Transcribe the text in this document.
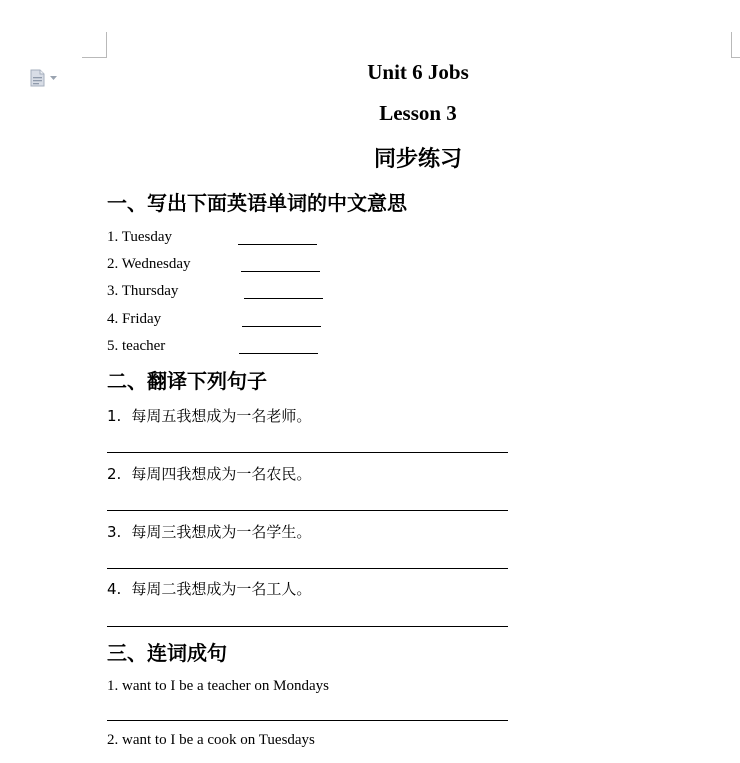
Unit 6 Jobs
Lesson 3
同步练习
一、写出下面英语单词的中文意思
1. Tuesday
2. Wednesday
3. Thursday
4. Friday
5. teacher
二、翻译下列句子
1. 每周五我想成为一名老师。
2. 每周四我想成为一名农民。
3. 每周三我想成为一名学生。
4. 每周二我想成为一名工人。
三、连词成句
1. want to I be a teacher on Mondays
2. want to I be a cook on Tuesdays
